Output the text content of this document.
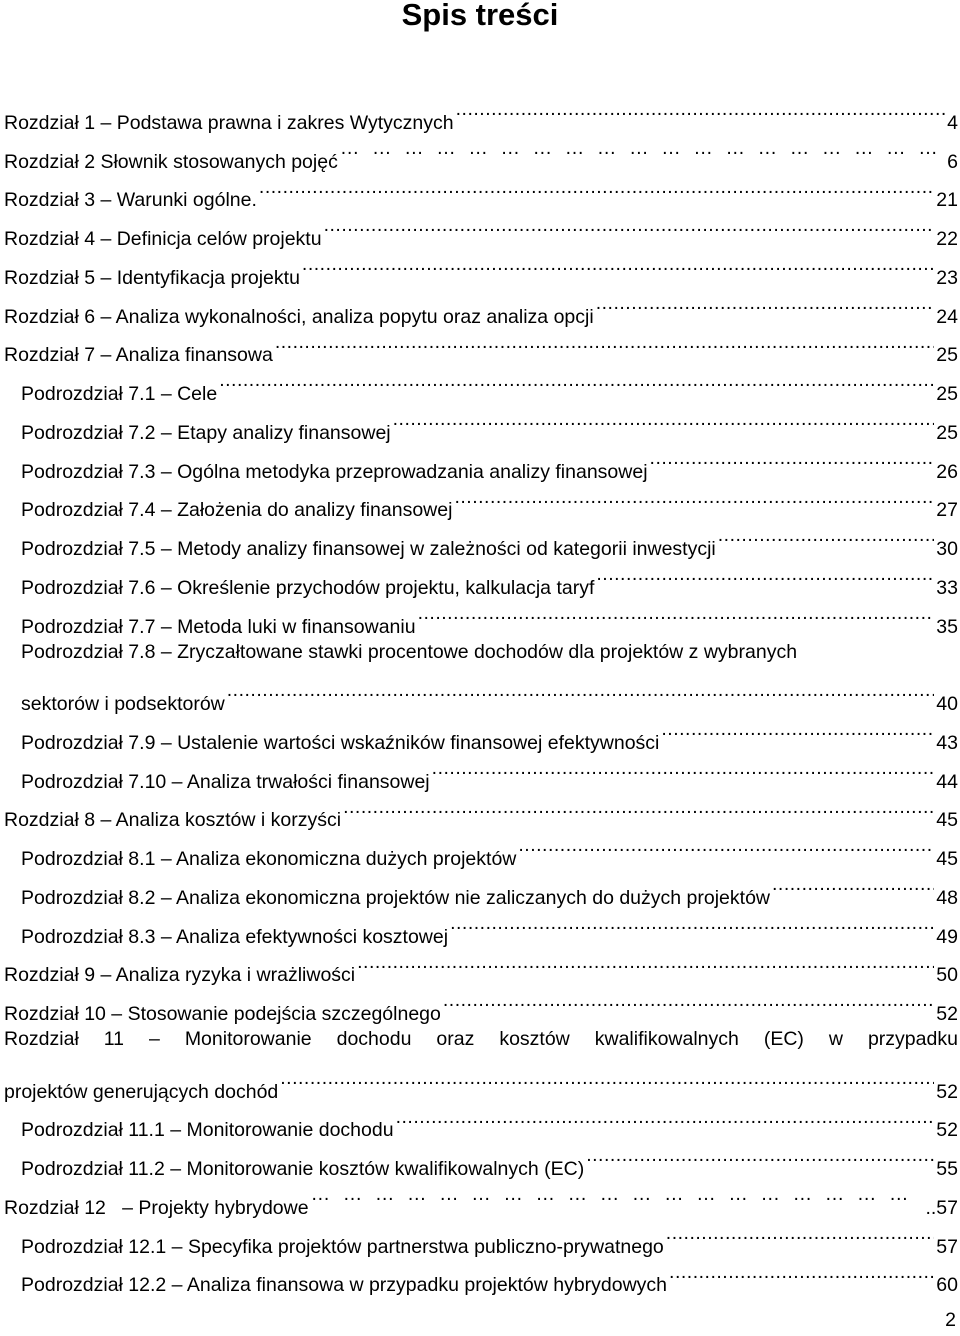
Spis treści
Rozdział 1 – Podstawa prawna i zakres Wytycznych .....	4
Rozdział 2 Słownik stosowanych pojęć … … … … … … … … … … … … … … … … … … … … … … … … … … … … … … … … … … … …	6
Rozdział 3 – Warunki ogólne. .....	21
Rozdział 4 – Definicja celów projektu .....	22
Rozdział 5 – Identyfikacja projektu .....	23
Rozdział 6 – Analiza wykonalności, analiza popytu oraz analiza opcji .....	24
Rozdział 7 – Analiza finansowa .....	25
Podrozdział 7.1 – Cele .....	25
Podrozdział 7.2 – Etapy analizy finansowej .....	25
Podrozdział 7.3 – Ogólna metodyka przeprowadzania analizy finansowej .....	26
Podrozdział 7.4 – Założenia do analizy finansowej .....	27
Podrozdział 7.5 – Metody analizy finansowej w zależności od kategorii inwestycji .....	30
Podrozdział 7.6 – Określenie przychodów projektu, kalkulacja taryf .....	33
Podrozdział 7.7 – Metoda luki w finansowaniu .....	35
Podrozdział 7.8 – Zryczałtowane stawki procentowe dochodów dla projektów z wybranych
sektorów i podsektorów .....	40
Podrozdział 7.9 – Ustalenie wartości wskaźników finansowej efektywności .....	43
Podrozdział 7.10 – Analiza trwałości finansowej .....	44
Rozdział 8 – Analiza kosztów i korzyści .....	45
Podrozdział 8.1 – Analiza ekonomiczna dużych projektów .....	45
Podrozdział 8.2 – Analiza ekonomiczna projektów nie zaliczanych do dużych projektów .....	48
Podrozdział 8.3 – Analiza efektywności kosztowej .....	49
Rozdział 9 – Analiza ryzyka i wrażliwości .....	50
Rozdział 10 – Stosowanie podejścia szczególnego .....	52
Rozdział 11 – Monitorowanie dochodu oraz kosztów kwalifikowalnych (EC) w przypadku
projektów generujących dochód .....	52
Podrozdział 11.1 – Monitorowanie dochodu .....	52
Podrozdział 11.2 – Monitorowanie kosztów kwalifikowalnych (EC) .....	55
Rozdział 12   – Projekty hybrydowe … … … … … … … … … … … … … … … … … … … … … … … … … … … … … … … … … … … …	..57
Podrozdział 12.1 – Specyfika projektów partnerstwa publiczno-prywatnego .....	57
Podrozdział 12.2 – Analiza finansowa w przypadku projektów hybrydowych .....	60
2
